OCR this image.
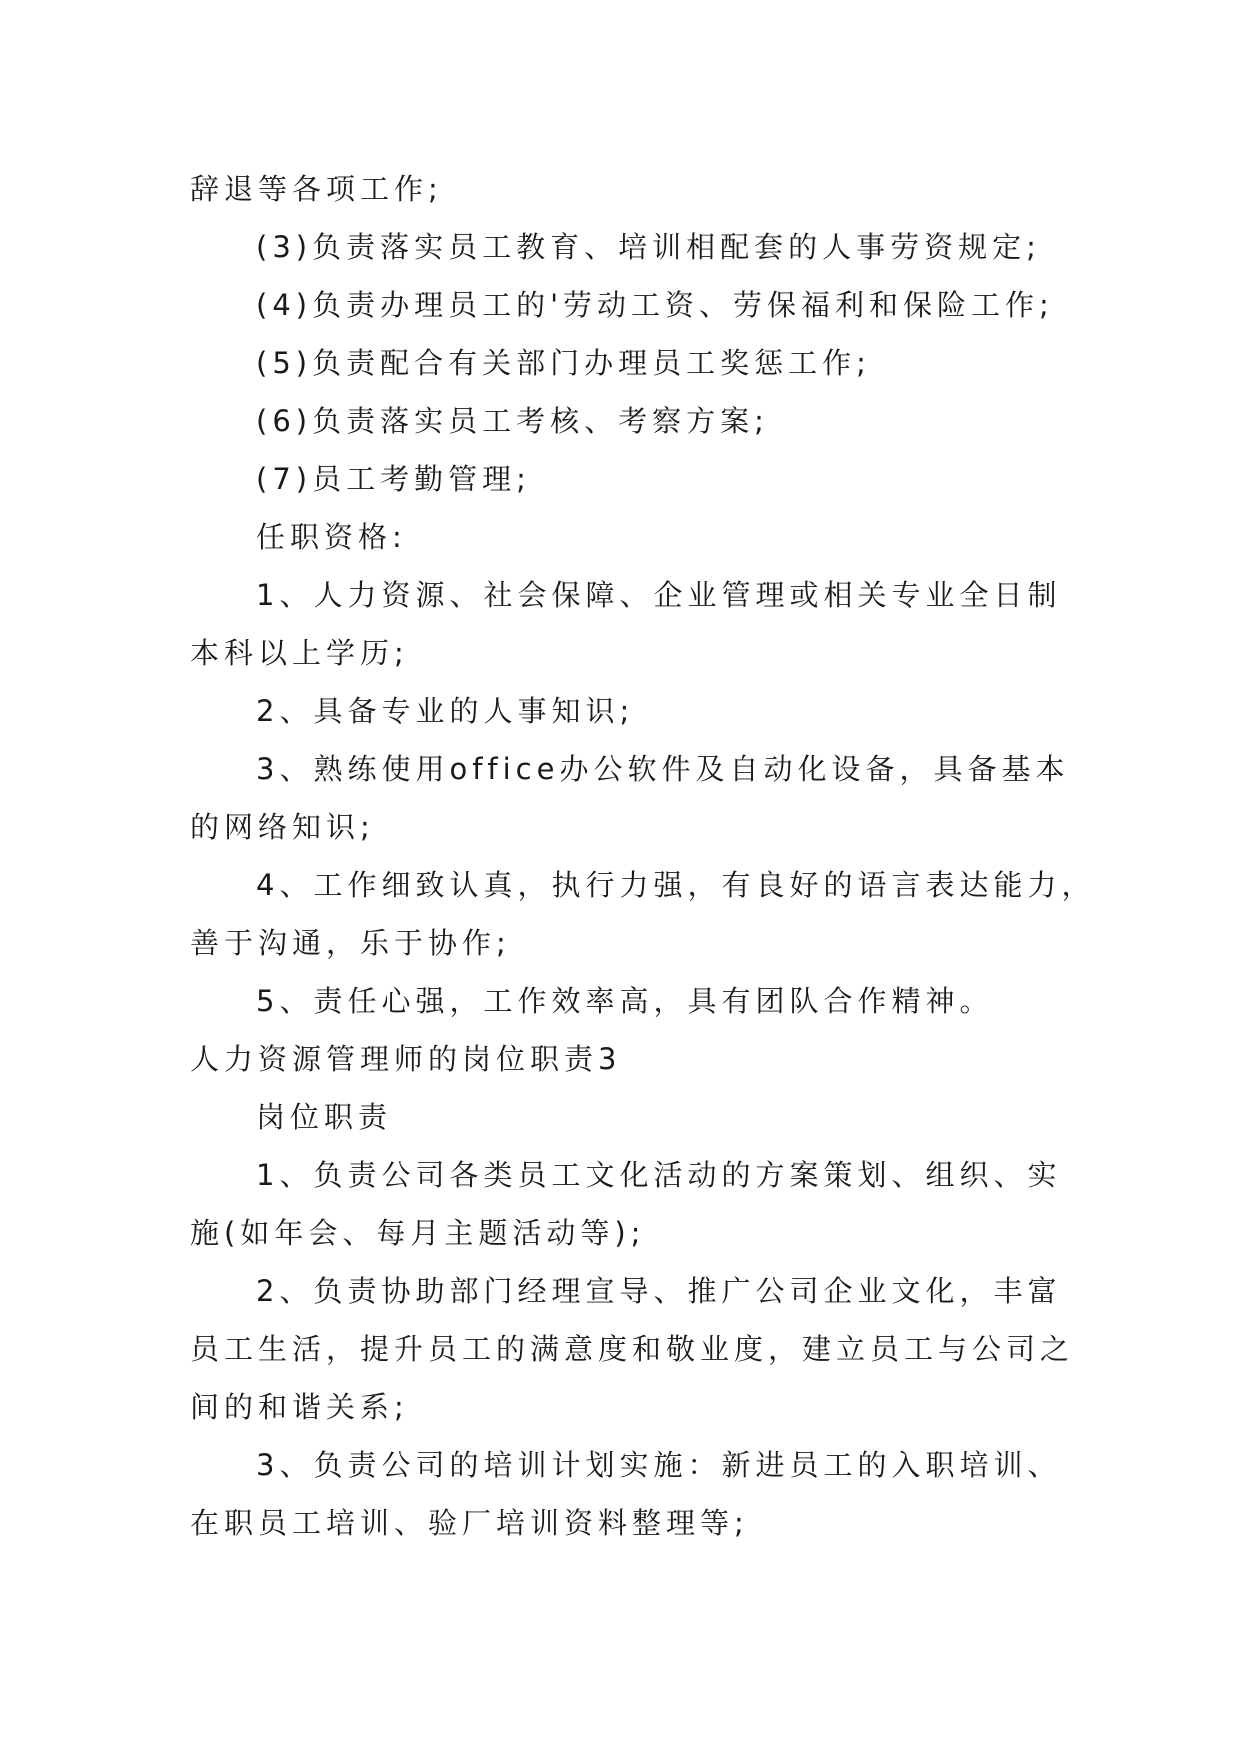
辞退等各项工作;
(3)负责落实员工教育、培训相配套的人事劳资规定;
(4)负责办理员工的'劳动工资、劳保福利和保险工作;
(5)负责配合有关部门办理员工奖惩工作;
(6)负责落实员工考核、考察方案;
(7)员工考勤管理;
任职资格:
1、人力资源、社会保障、企业管理或相关专业全日制
本科以上学历;
2、具备专业的人事知识;
3、熟练使用office办公软件及自动化设备，具备基本
的网络知识;
4、工作细致认真，执行力强，有良好的语言表达能力，
善于沟通，乐于协作;
5、责任心强，工作效率高，具有团队合作精神。
人力资源管理师的岗位职责3
岗位职责
1、负责公司各类员工文化活动的方案策划、组织、实
施(如年会、每月主题活动等);
2、负责协助部门经理宣导、推广公司企业文化，丰富
员工生活，提升员工的满意度和敬业度，建立员工与公司之
间的和谐关系;
3、负责公司的培训计划实施：新进员工的入职培训、
在职员工培训、验厂培训资料整理等;
